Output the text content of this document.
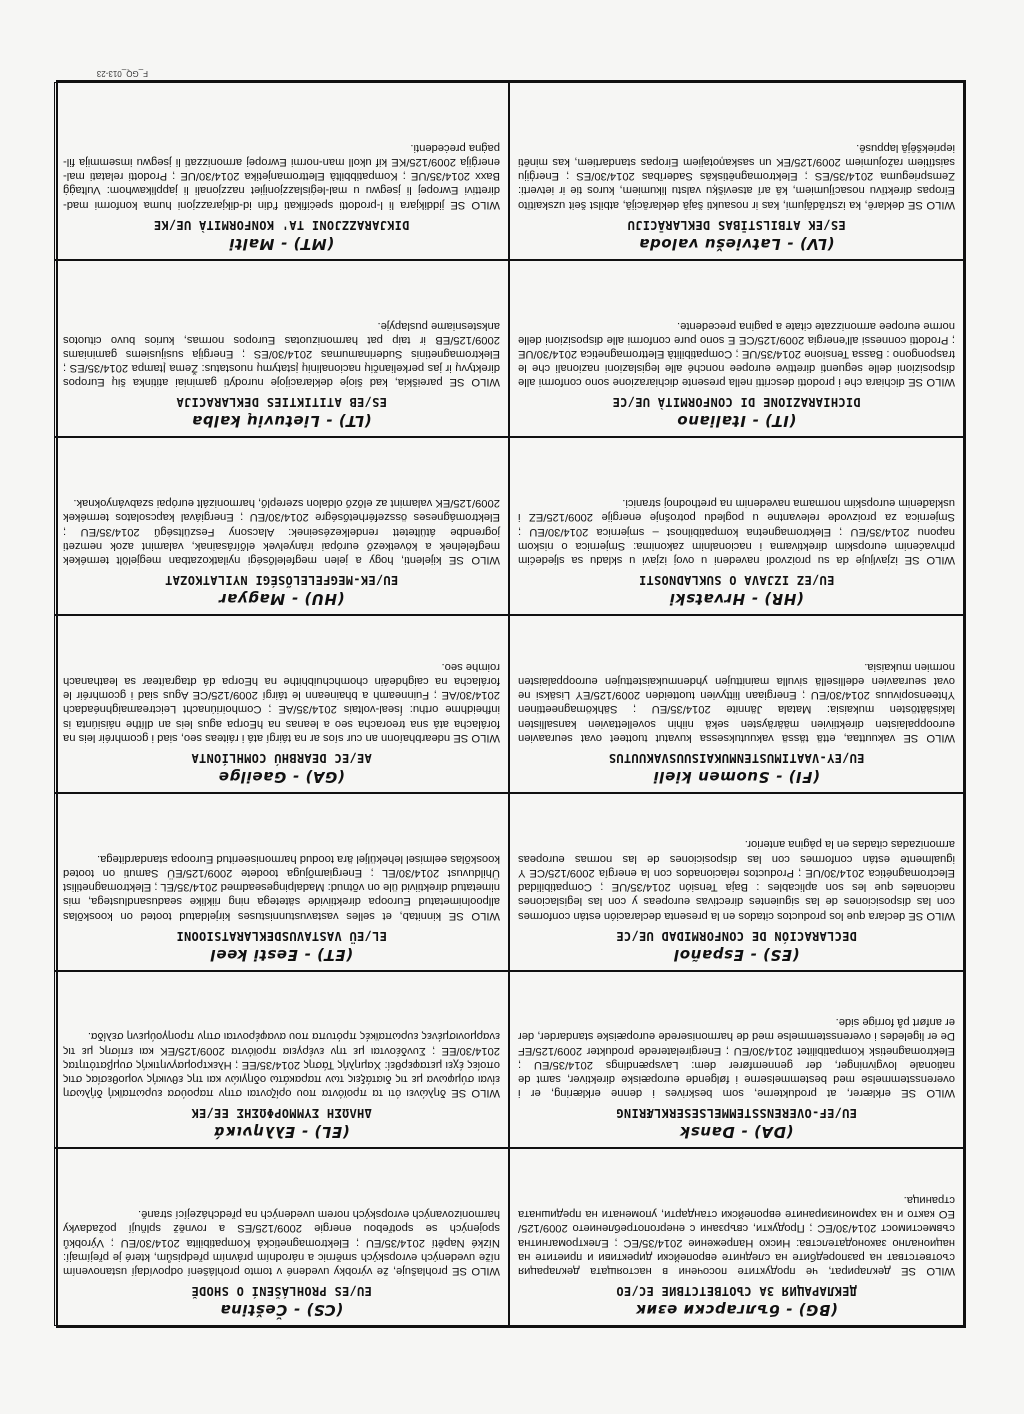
(BG) - български език
ДЕКЛАРАЦИЯ ЗА СЪОТВЕТСТВИЕ ЕС/ЕО
WILO SE декларират, че продуктите посочени в настоящата декларация съответстват на разпоредбите на следните европейски директиви и приетите на национално законодателства: Ниско Напрежение 2014/35/ЕС ; Електромагнитна съвместимост 2014/30/ЕС ; Продукти, свързани с енергопотреблението 2009/125/ЕО както и на хармонизираните европейски стандарти, упоменати на предишната страница.
(CS) - Čeština
EU/ES PROHLÁŠENÍ O SHODĚ
WILO SE prohlašuje, že výrobky uvedené v tomto prohlášení odpovídají ustanovením níže uvedených evropských směrnic a národním právním předpisům, které je přejímají: Nízké Napětí 2014/35/EU ; Elektromagnetická Kompatibilita 2014/30/EU ; Výrobků spojených se spotřebou energie 2009/125/ES a rovněž splňují požadavky harmonizovaných evropských norem uvedených na předcházející straně.
(DA) - Dansk
EU/EF-OVERENSSTEMMELSESERKLÆRING
WILO SE erklærer, at produkterne, som beskrives i denne erklæring, er i overensstemmelse med bestemmelserne i følgende europæiske direktiver, samt de nationale lovgivninger, der gennemfører dem: Lavspændings 2014/35/EU ; Elektromagnetisk Kompatibilitet 2014/30/EU ; Energirelaterede produkter 2009/125/EF De er ligeledes i overensstemmelse med de harmoniserede europæiske standarder, der er anført på forrige side.
(EL) - Ελληνικά
ΔΗΛΩΣΗ ΣΥΜΜΟΡΦΩΣΗΣ ΕΕ/ΕΚ
WILO SE δηλώνει ότι τα προϊόντα που ορίζονται στην παρούσα ευρωπαϊκή δήλωση είναι σύμφωνα με τις διατάξεις των παρακάτω οδηγιών και της εθνικής νομοθεσίας στις οποίες έχει μεταφερθεί: Χαμηλής Τάσης 2014/35/ΕΕ ; Ηλεκτρομαγνητικής συμβατότητας 2014/30/ΕΕ ; Συνδέονται με την ενέργεια προϊόντα 2009/125/ΕΚ και επίσης με τις εναρμονισμένες ευρωπαϊκές πρότυπα που αναφέρονται στην προηγούμενη σελίδα.
(ES) - Español
DECLARACIÓN DE CONFORMIDAD UE/CE
WILO SE declara que los productos citados en la presenta declaración están conformes con las disposiciones de las siguientes directivas europeas y con las legislaciones nacionales que les son aplicables : Baja Tensión 2014/35/UE ; Compatibilidad Electromagnética 2014/30/UE ; Productos relacionados con la energía 2009/125/CE Y igualmente están conformes con las disposiciones de las normas europeas armonizadas citadas en la página anterior.
(ET) - Eesti keel
EL/EÜ VASTAVUSDEKLARATSIOONI
WILO SE kinnitab, et selles vastavustunnistuses kirjeldatud tooted on kooskõlas allpoolnimetatud Euroopa direktiivide sätetega ning riiklike seadusandlustega, mis nimetatud direktiivid üle on võtnud: Madalpingeseadmed 2014/35/EL ; Elektromagnetilist Ühilduvust 2014/30/EL ; Energiamõjuga toodete 2009/125/EÜ Samuti on tooted kooskõlas eelmisel leheküljel ära toodud harmoniseeritud Euroopa standarditega.
(FI) - Suomen kieli
EU/EY-VAATIMUSTENMUKAISUUSVAKUUTUS
WILO SE vakuuttaa, että tässä vakuutuksessa kuvatut tuotteet ovat seuraavien eurooppalaisten direktiivien määräysten sekä niihin sovellettavien kansallisten lakisäätösten mukaisia: Matala Jännite 2014/35/EU ; Sähkömagneettinen Yhteensopivuus 2014/30/EU ; Energiaan liittyvien tuotteiden 2009/125/EY Lisäksi ne ovat seuraavien edellisellä sivulla mainittujen yhdenmukaistettujen eurooppalaisten normien mukaisia.
(GA) - Gaeilge
AE/EC DEARBHÚ COMHLÍONTA
WILO SE ndearbhaíonn an cur síos ar na táirgí atá i ráiteas seo, siad i gcomhréir leis na forálacha atá sna treoracha seo a leanas na hEorpa agus leis an dlíthe náisiúnta is infheidhme orthu: Íseal-voltais 2014/35/AE ; Comhoiriúnacht Leictreamaighnéadach 2014/30/AE ; Fuinneamh a bhaineann le táirgí 2009/125/CE Agus siad i gcomhréir le forálacha na caighdeáin chomhchuibhithe na hEorpa dá dtagraítear sa leathanach roimhe seo.
(HR) - Hrvatski
EU/EZ IZJAVA O SUKLADNOSTI
WILO SE izjavljuje da su proizvodi navedeni u ovoj izjavi u skladu sa sljedećim prihvaćenim europskim direktivama i nacionalnim zakonima: Smjernica o niskom naponu 2014/35/EU ; Elektromagnetna kompatibilnost – smjernica 2014/30/EU ; Smjernica za proizvode relevantne u pogledu potrošnje energije 2009/125/EZ i usklađenim europskim normama navedenim na prethodnoj stranici.
(HU) - Magyar
EU/EK-MEGFELELŐSÉGI NYILATKOZAT
WILO SE kijelenti, hogy a jelen megfelelőségi nyilatkozatban megjelölt termékek megfelelnek a következő európai irányelvek előírásainak, valamint azok nemzeti jogrendbe átültetett rendelkezéseinek: Alacsony Feszültségű 2014/35/EU ; Elektromágneses összeférhetőségre 2014/30/EU ; Energiával kapcsolatos termékek 2009/125/EK valamint az előző oldalon szereplő, harmonizált európai szabványoknak.
(IT) - Italiano
DICHIARAZIONE DI CONFORMITÀ UE/CE
WILO SE dichiara che i prodotti descritti nella presente dichiarazione sono conformi alle disposizioni delle seguenti direttive europee nonché alle legislazioni nazionali che le traspongono : Bassa Tensione 2014/35/UE ; Compatibilità Elettromagnetica 2014/30/UE ; Prodotti connessi all'energia 2009/125/CE E sono pure conformi alle disposizioni delle norme europee armonizzate citate a pagina precedente.
(LT) - Lietuvių kalba
ES/EB ATITIKTIES DEKLARACIJA
WILO SE pareiškia, kad šioje deklaracijoje nurodyti gaminiai atitinka šių Europos direktyvų ir jas perkeliančių nacionalinių įstatymų nuostatus: Žema Įtampa 2014/35/ES ; Elektromagnetinis Suderinamumas 2014/30/ES ; Energija susijusiems gaminiams 2009/125/EB ir taip pat harmonizuotas Europos normas, kurios buvo cituotos ankstesniame puslapyje.
(LV) - Latviešu valoda
ES/EK ATBILSTĪBAS DEKLARĀCIJU
WILO SE deklarē, ka izstrādājumi, kas ir nosaukti šajā deklarācijā, atbilst šeit uzskaitīto Eiropas direktīvu nosacījumiem, kā arī atsevišķu valstu likumiem, kuros tie ir ietverti: Zemsprieguma 2014/35/ES ; Elektromagnētiskās Saderības 2014/30/ES ; Enerģiju saistītiem ražojumiem 2009/125/EK un saskaņotajiem Eiropas standartiem, kas minēti iepriekšējā lappusē.
(MT) - Malti
DIKJARAZZJONI TA' KONFORMITÀ UE/KE
WILO SE jiddikjara li l-prodotti speċifikati f'din id-dikjarazzjoni huma konformi mad-direttivi Ewropej li jsegwu u mal-leġislazzjonijiet nazzjonali li japplikawhom: Vultaġġ Baxx 2014/35/UE ; Kompatibbiltà Elettromanjetika 2014/30/UE ; Prodotti relatati mal-enerġija 2009/125/KE kif ukoll man-normi Ewropej armonizzati li jsegwu imsemmija fil-paġna preċedenti.
F_GQ_013-23
